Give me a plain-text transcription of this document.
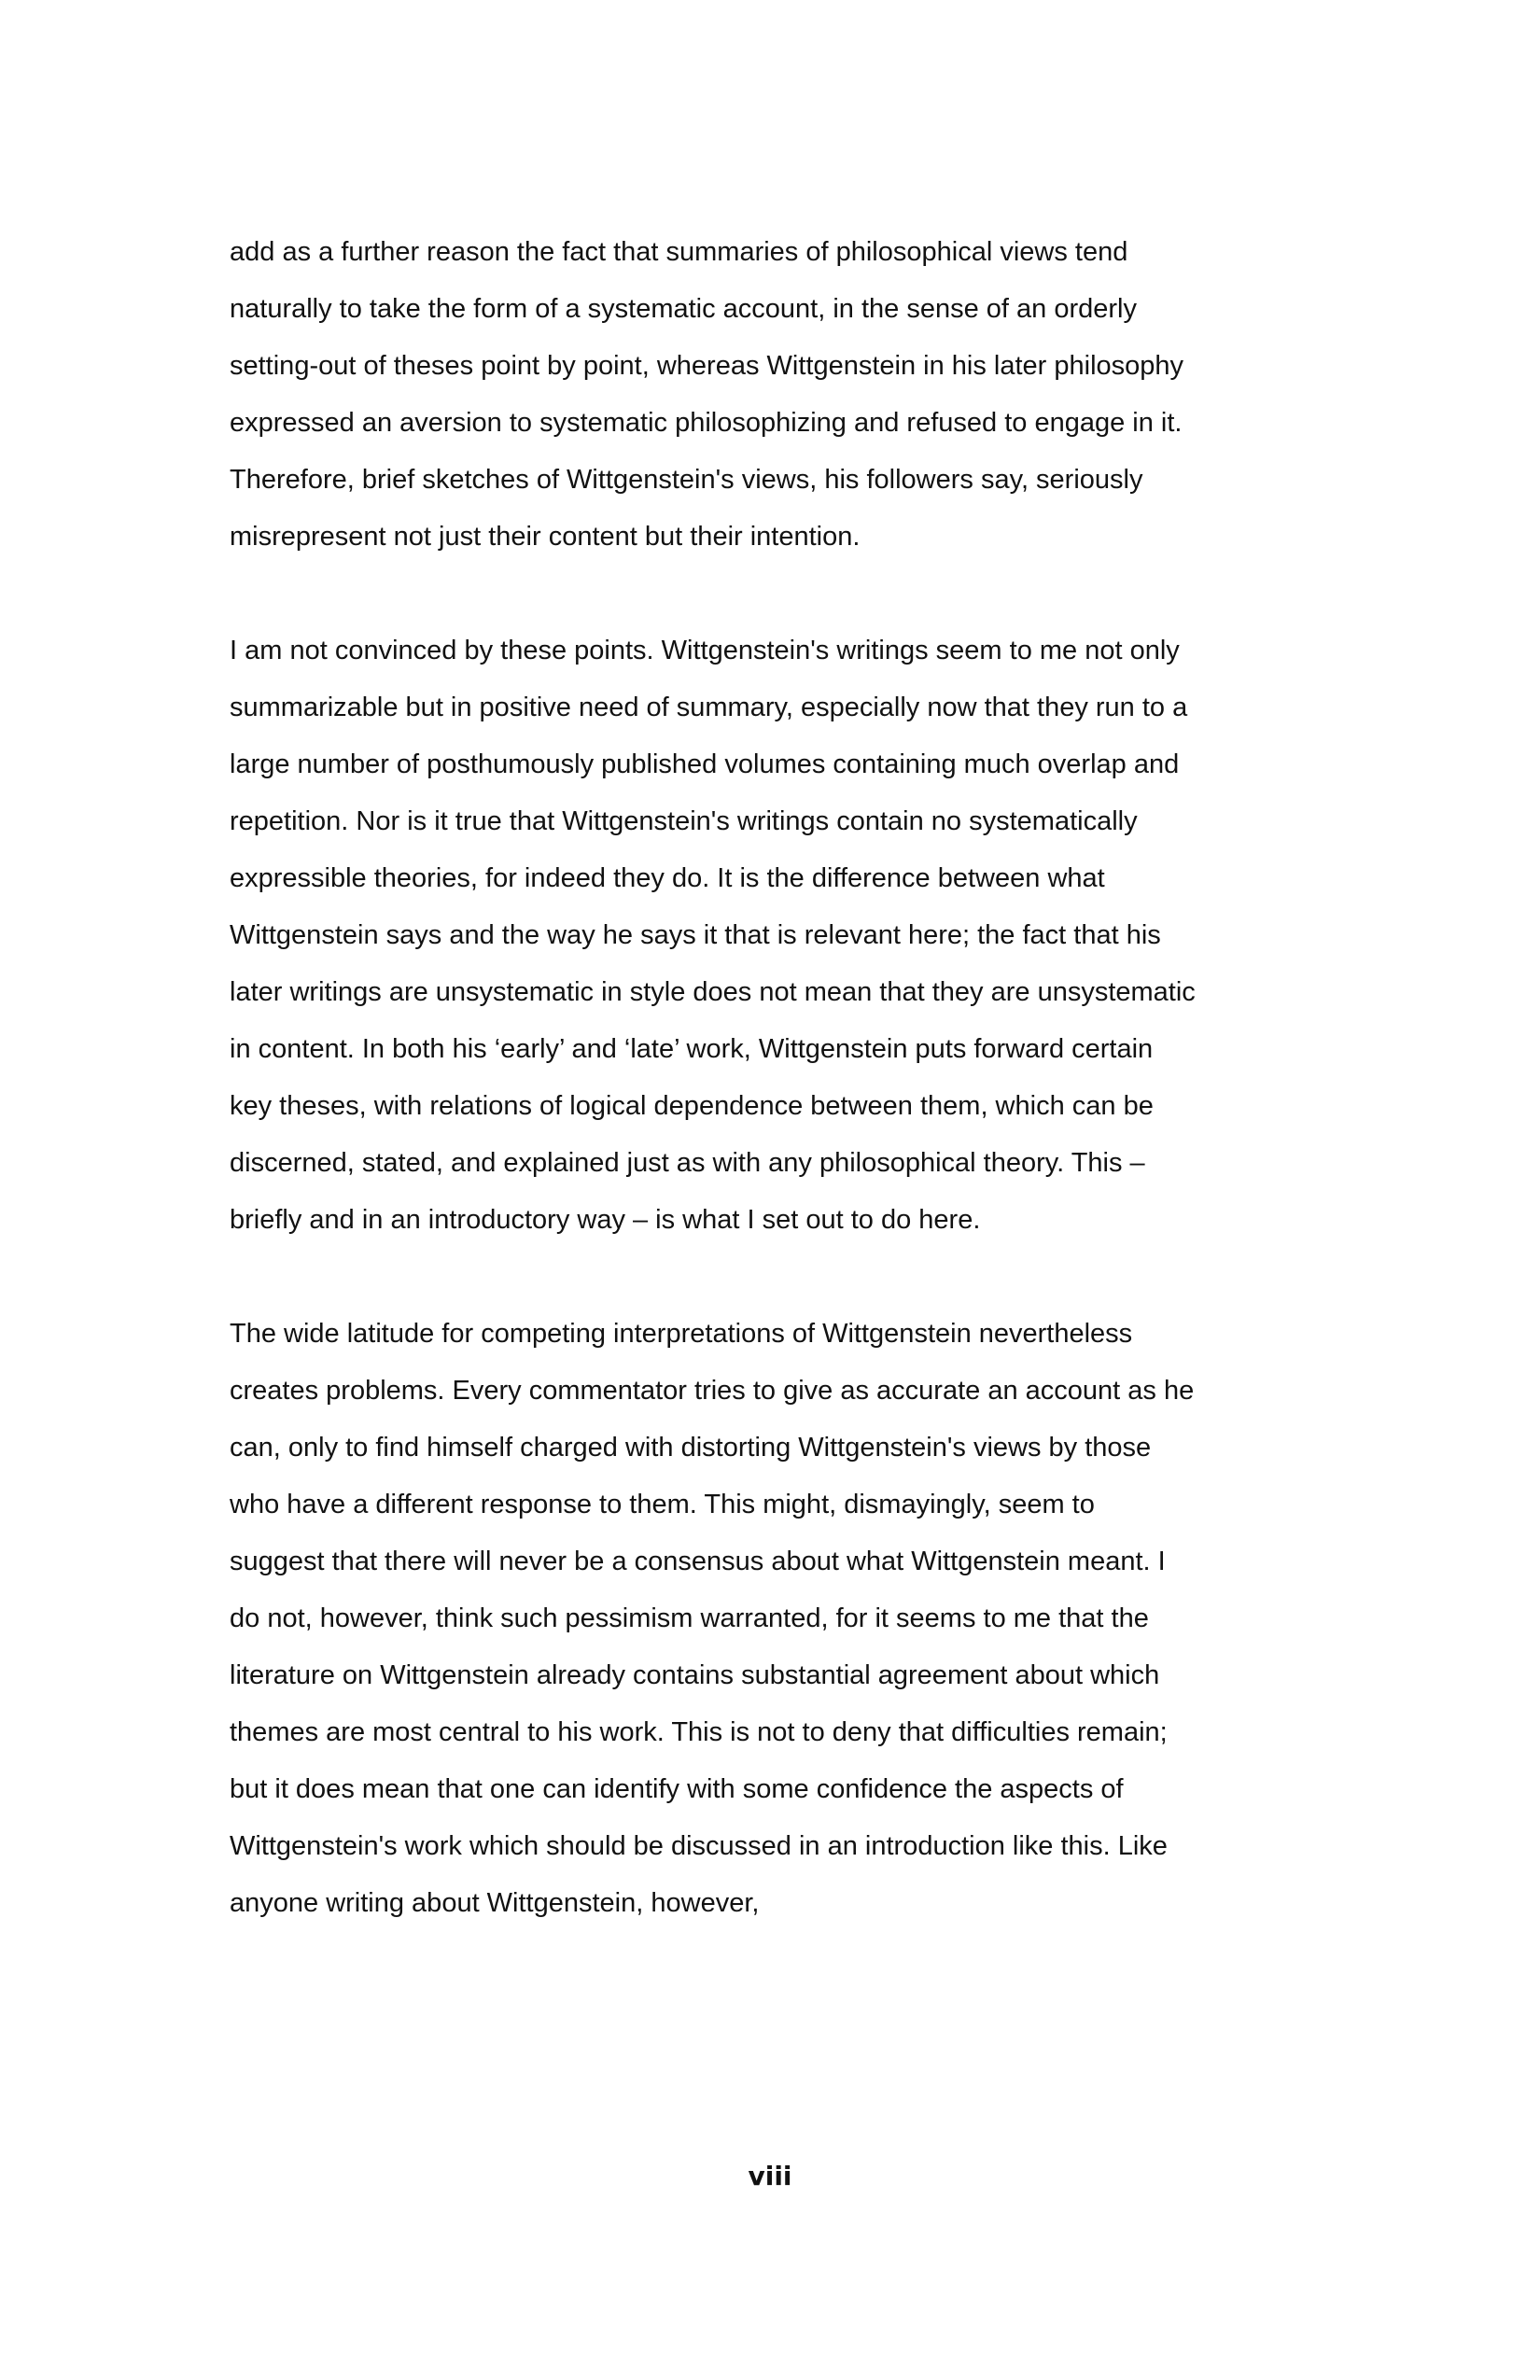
add as a further reason the fact that summaries of philosophical views tend
naturally to take the form of a systematic account, in the sense of an orderly
setting-out of theses point by point, whereas Wittgenstein in his later philosophy
expressed an aversion to systematic philosophizing and refused to engage in it.
Therefore, brief sketches of Wittgenstein's views, his followers say, seriously
misrepresent not just their content but their intention.
I am not convinced by these points. Wittgenstein's writings seem to me not only
summarizable but in positive need of summary, especially now that they run to a
large number of posthumously published volumes containing much overlap and
repetition. Nor is it true that Wittgenstein's writings contain no systematically
expressible theories, for indeed they do. It is the difference between what
Wittgenstein says and the way he says it that is relevant here; the fact that his
later writings are unsystematic in style does not mean that they are unsystematic
in content. In both his ‘early’ and ‘late’ work, Wittgenstein puts forward certain
key theses, with relations of logical dependence between them, which can be
discerned, stated, and explained just as with any philosophical theory. This –
briefly and in an introductory way – is what I set out to do here.
The wide latitude for competing interpretations of Wittgenstein nevertheless
creates problems. Every commentator tries to give as accurate an account as he
can, only to find himself charged with distorting Wittgenstein's views by those
who have a different response to them. This might, dismayingly, seem to
suggest that there will never be a consensus about what Wittgenstein meant. I
do not, however, think such pessimism warranted, for it seems to me that the
literature on Wittgenstein already contains substantial agreement about which
themes are most central to his work. This is not to deny that difficulties remain;
but it does mean that one can identify with some confidence the aspects of
Wittgenstein's work which should be discussed in an introduction like this. Like
anyone writing about Wittgenstein, however,
viii
